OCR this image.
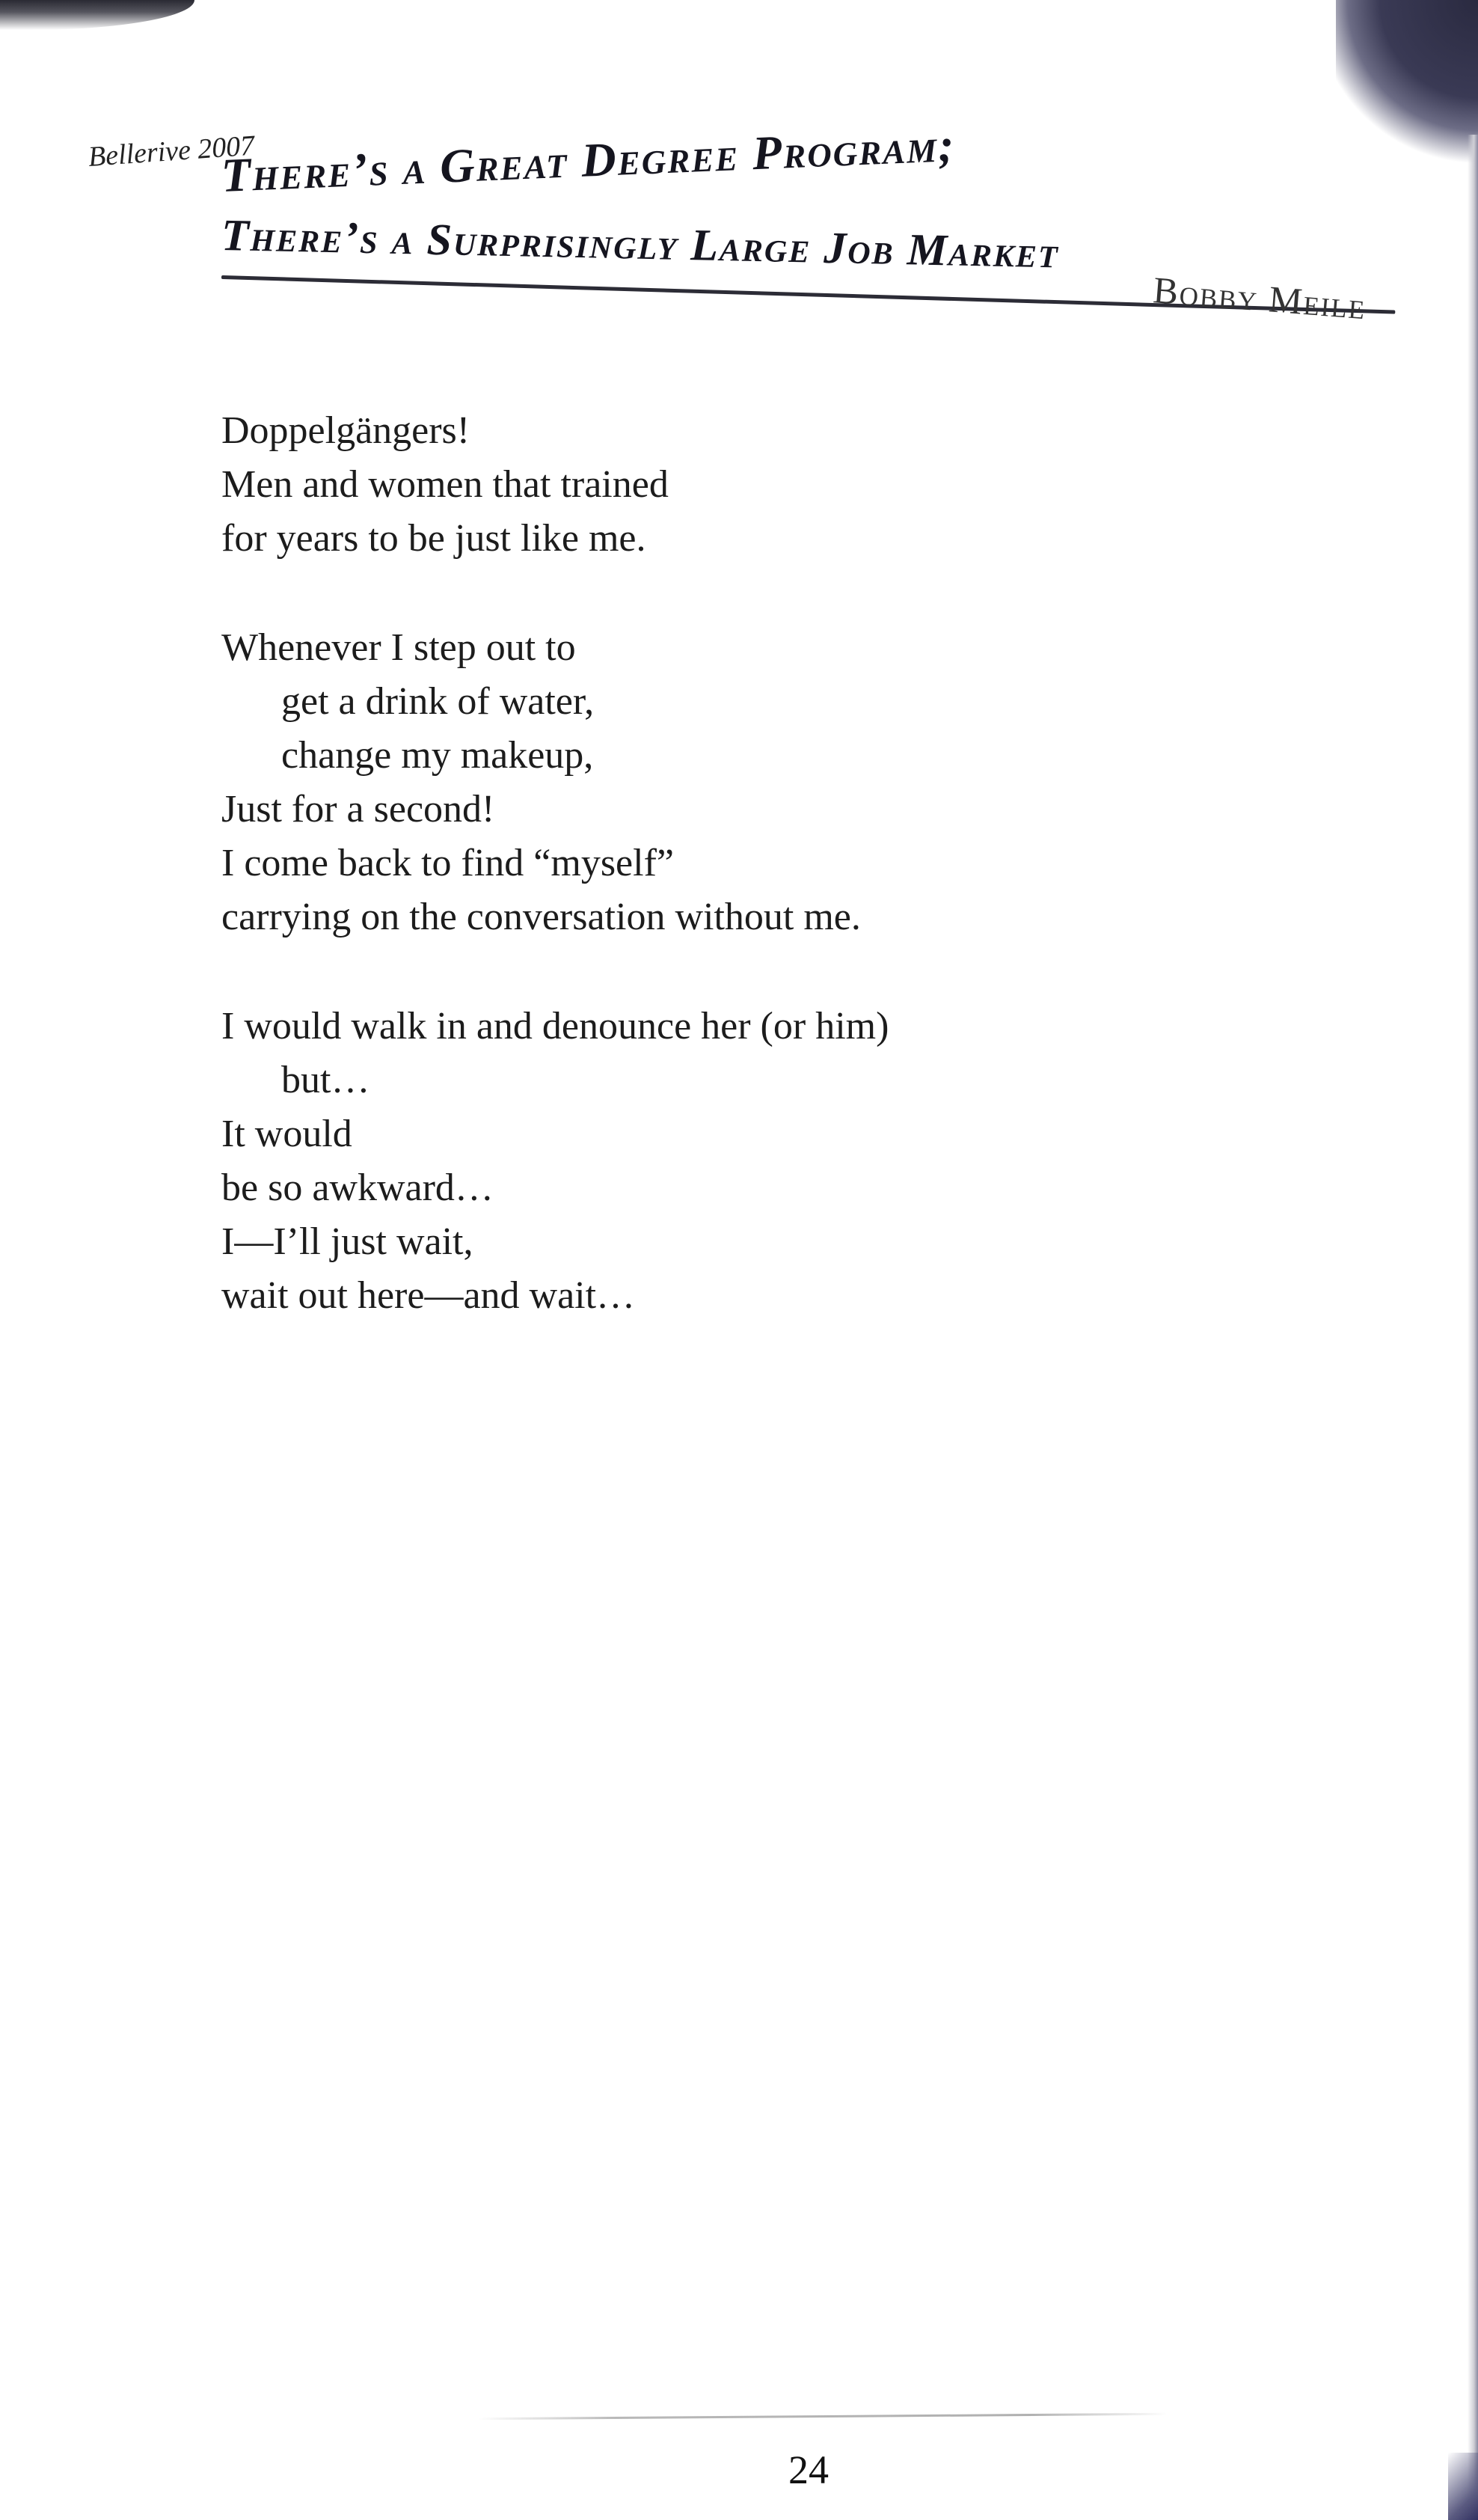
Bellerive 2007
There’s a Great Degree Program;
There’s a Surprisingly Large Job Market
Bobby Meile
Doppelgängers!
Men and women that trained
for years to be just like me.
Whenever I step out to
get a drink of water,
change my makeup,
Just for a second!
I come back to find “myself”
carrying on the conversation without me.
I would walk in and denounce her (or him)
but…
It would
be so awkward…
I—I’ll just wait,
wait out here—and wait…
24
